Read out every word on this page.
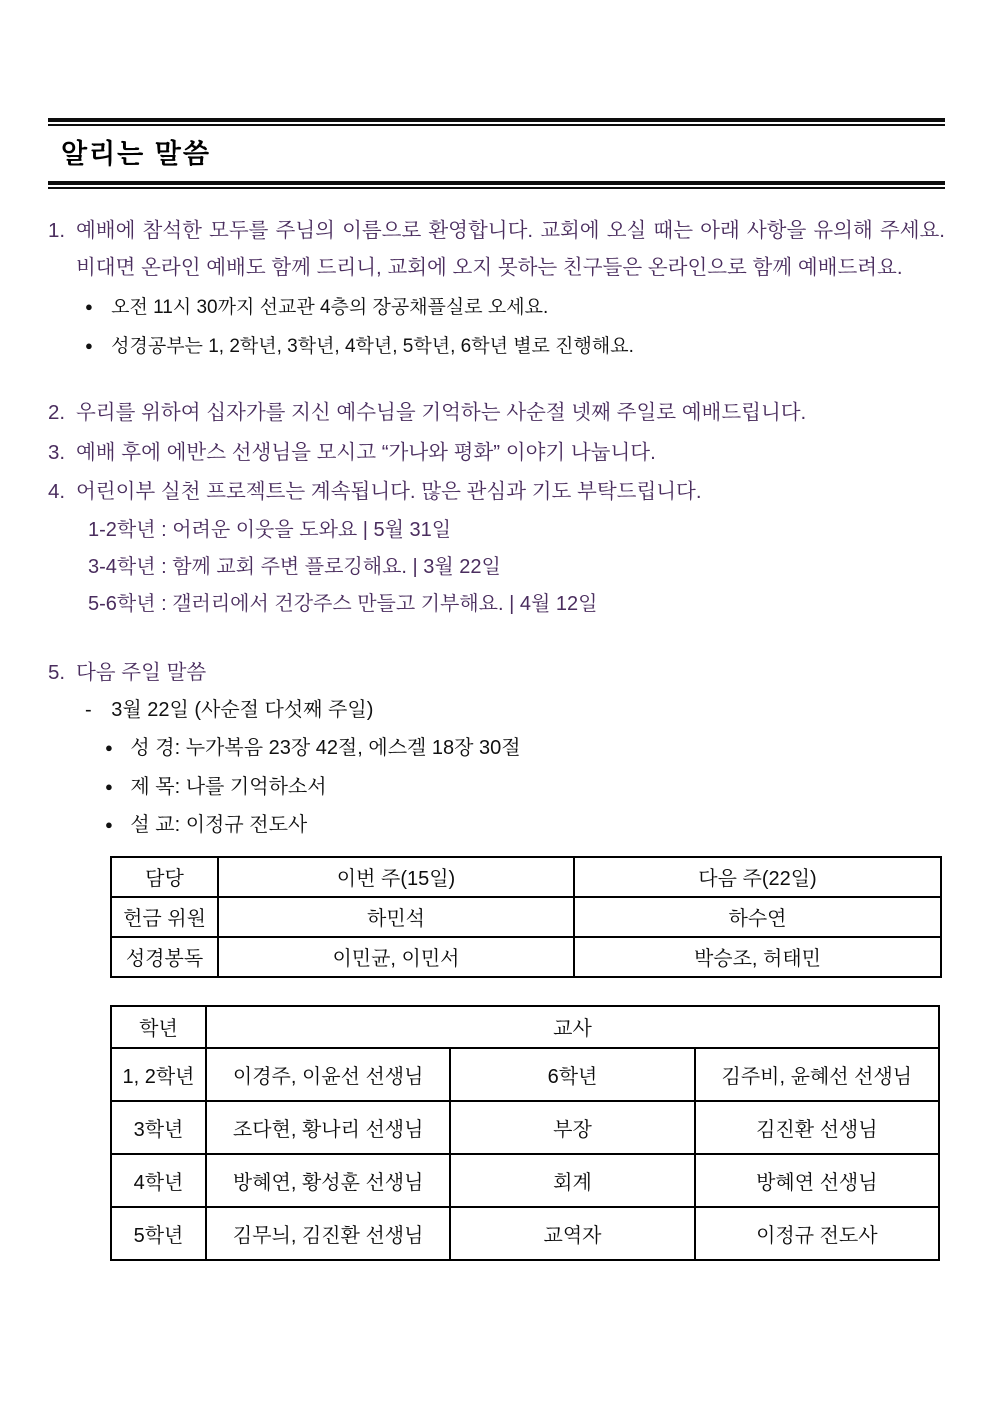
알리는 말씀
1. 예배에 참석한 모두를 주님의 이름으로 환영합니다. 교회에 오실 때는 아래 사항을 유의해 주세요. 비대면 온라인 예배도 함께 드리니, 교회에 오지 못하는 친구들은 온라인으로 함께 예배드려요.
● 오전 11시 30까지 선교관 4층의 장공채플실로 오세요.
● 성경공부는 1, 2학년, 3학년, 4학년, 5학년, 6학년 별로 진행해요.
2. 우리를 위하여 십자가를 지신 예수님을 기억하는 사순절 넷째 주일로 예배드립니다.
3. 예배 후에 에반스 선생님을 모시고 “가나와 평화” 이야기 나눕니다.
4. 어린이부 실천 프로젝트는 계속됩니다. 많은 관심과 기도 부탁드립니다.
1-2학년 : 어려운 이웃을 도와요 | 5월 31일
3-4학년 : 함께 교회 주변 플로깅해요. | 3월 22일
5-6학년 : 갤러리에서 건강주스 만들고 기부해요. | 4월 12일
5. 다음 주일 말씀
- 3월 22일 (사순절 다섯째 주일)
● 성 경: 누가복음 23장 42절, 에스겔 18장 30절
● 제 목: 나를 기억하소서
● 설 교: 이정규 전도사
담당	이번 주(15일)	다음 주(22일)
헌금 위원	하민석	하수연
성경봉독	이민균, 이민서	박승조, 허태민
학년	교사		
1, 2학년	이경주, 이윤선 선생님	6학년	김주비, 윤혜선 선생님
3학년	조다현, 황나리 선생님	부장	김진환 선생님
4학년	방혜연, 황성훈 선생님	회계	방혜연 선생님
5학년	김무늬, 김진환 선생님	교역자	이정규 전도사
